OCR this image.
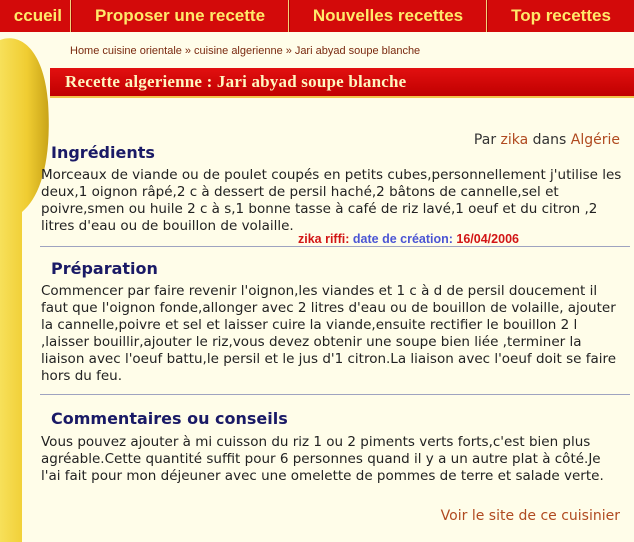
ccueil	Proposer une recette	Nouvelles recettes	Top recettes
Home cuisine orientale » cuisine algerienne » Jari abyad soupe blanche
Recette algerienne : Jari abyad soupe blanche
Par zika dans Algérie
Ingrédients
Morceaux de viande ou de poulet coupés en petits cubes,personnellement j'utilise les deux,1 oignon râpé,2 c à dessert de persil haché,2 bâtons de cannelle,sel et poivre,smen ou huile 2 c à s,1 bonne tasse à café de riz lavé,1 oeuf et du citron ,2 litres d'eau ou de bouillon de volaille.
zika riffi: date de création: 16/04/2006
Préparation
Commencer par faire revenir l'oignon,les viandes et 1 c à d de persil doucement il faut que l'oignon fonde,allonger avec 2 litres d'eau ou de bouillon de volaille, ajouter la cannelle,poivre et sel et laisser cuire la viande,ensuite rectifier le bouillon 2 l ,laisser bouillir,ajouter le riz,vous devez obtenir une soupe bien liée ,terminer la liaison avec l'oeuf battu,le persil et le jus d'1 citron.La liaison avec l'oeuf doit se faire hors du feu.
Commentaires ou conseils
Vous pouvez ajouter à mi cuisson du riz 1 ou 2 piments verts forts,c'est bien plus agréable.Cette quantité suffit pour 6 personnes quand il y a un autre plat à côté.Je l'ai fait pour mon déjeuner avec une omelette de pommes de terre et salade verte.
Voir le site de ce cuisinier
